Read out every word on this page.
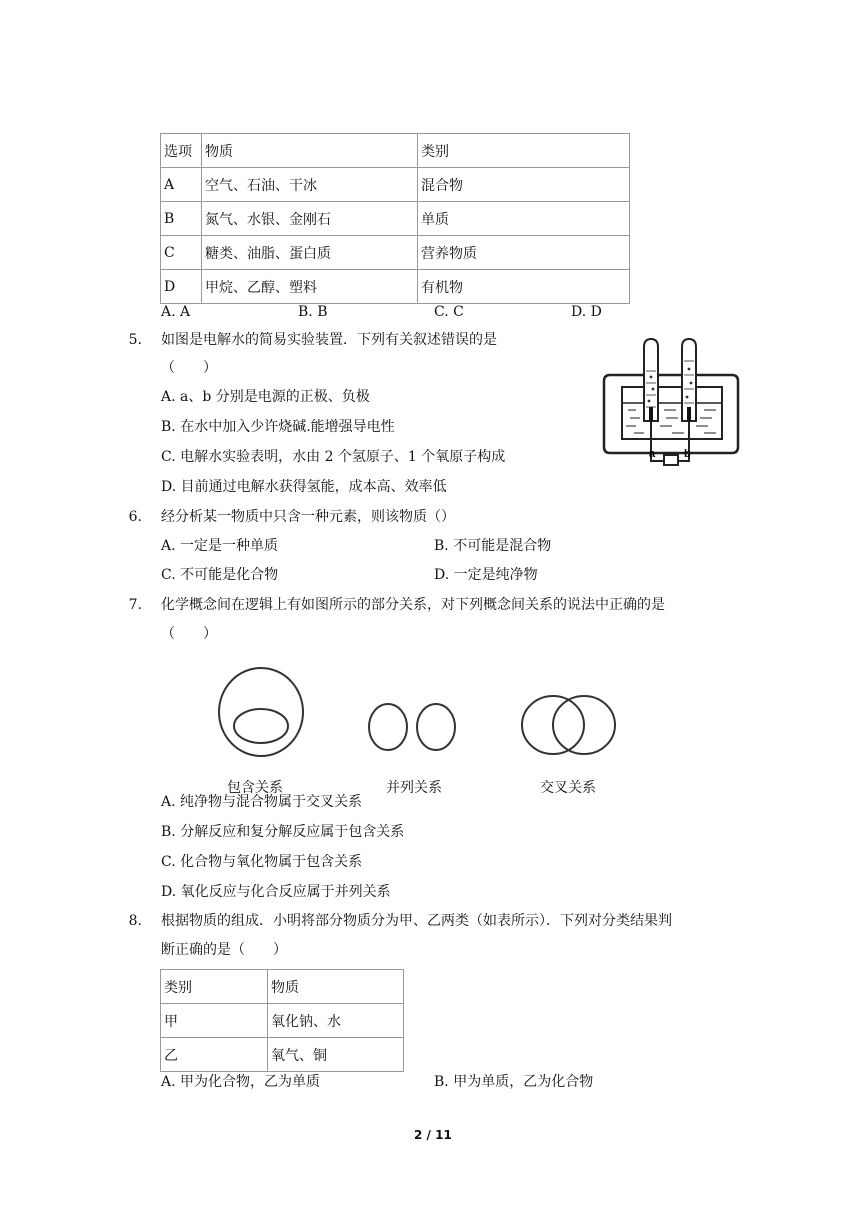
选项	物质	类别
A	空气、石油、干冰	混合物
B	氮气、水银、金刚石	单质
C	糖类、油脂、蛋白质	营养物质
D	甲烷、乙醇、塑料	有机物
A. A	B. B	C. C	D. D
5. 如图是电解水的简易实验装置．下列有关叙述错误的是
（　　）
A. a、b 分别是电源的正极、负极
B. 在水中加入少许烧碱.能增强导电性
C. 电解水实验表明，水由 2 个氢原子、1 个氧原子构成
D. 目前通过电解水获得氢能，成本高、效率低
a	b
6. 经分析某一物质中只含一种元素，则该物质（）
A. 一定是一种单质	B. 不可能是混合物
C. 不可能是化合物	D. 一定是纯净物
7. 化学概念间在逻辑上有如图所示的部分关系，对下列概念间关系的说法中正确的是
（　　）
包含关系	并列关系	交叉关系
A. 纯净物与混合物属于交叉关系
B. 分解反应和复分解反应属于包含关系
C. 化合物与氧化物属于包含关系
D. 氧化反应与化合反应属于并列关系
8. 根据物质的组成．小明将部分物质分为甲、乙两类（如表所示）．下列对分类结果判
断正确的是（　　）
类别	物质
甲	氧化钠、水
乙	氧气、铜
A. 甲为化合物，乙为单质	B. 甲为单质，乙为化合物
2 / 11
